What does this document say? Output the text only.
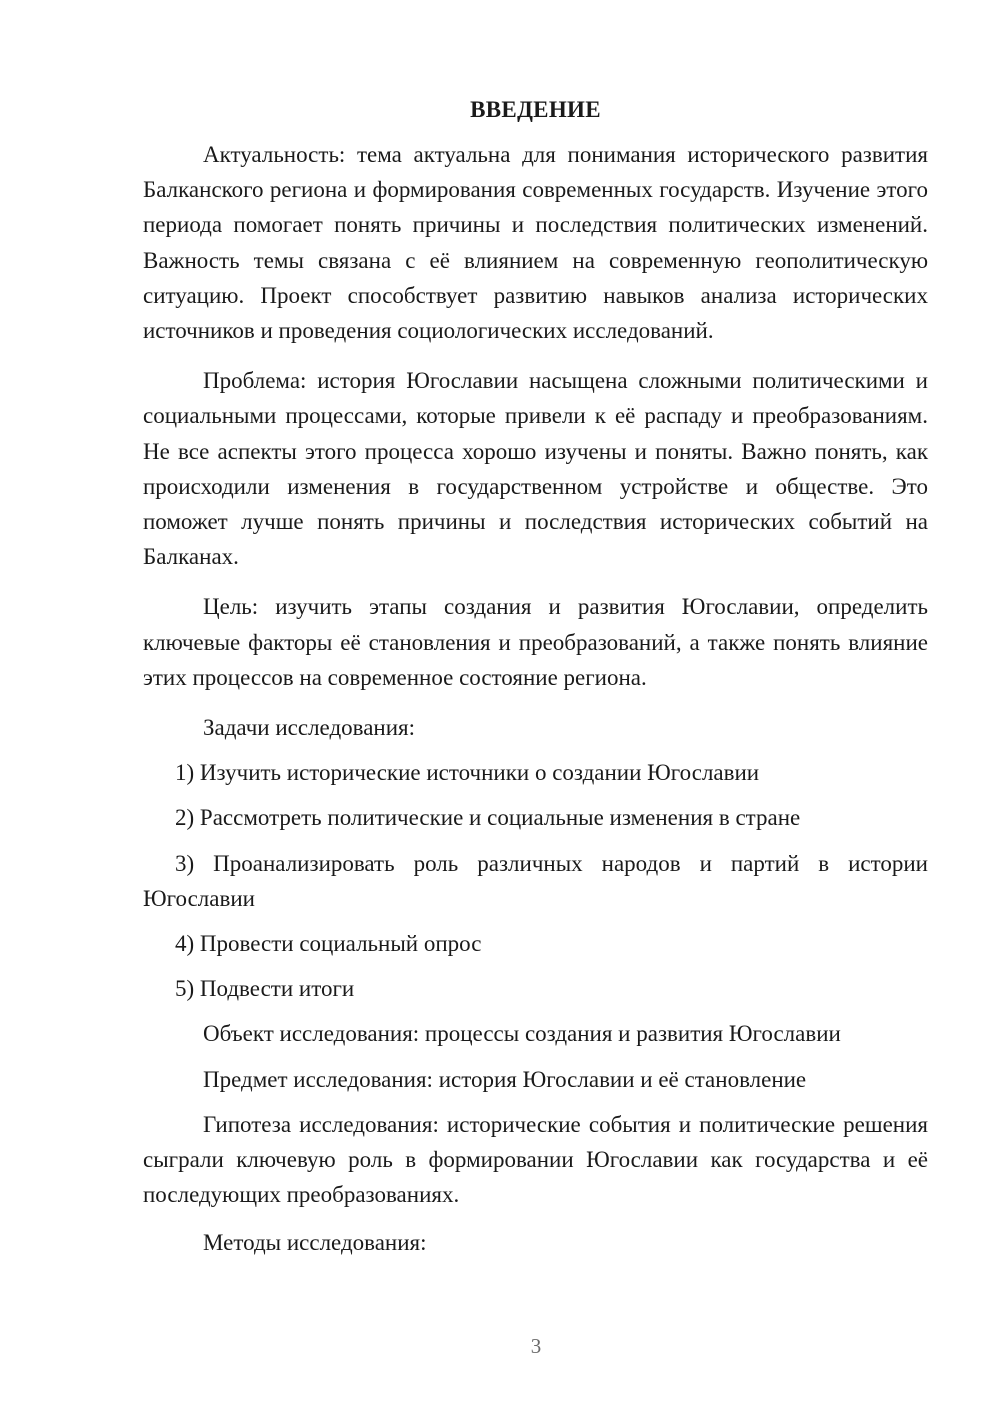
ВВЕДЕНИЕ

Актуальность: тема актуальна для понимания исторического развития Балканского региона и формирования современных государств. Изучение этого периода помогает понять причины и последствия политических изменений. Важность темы связана с её влиянием на современную геополитическую ситуацию. Проект способствует развитию навыков анализа исторических источников и проведения социологических исследований.

Проблема: история Югославии насыщена сложными политическими и социальными процессами, которые привели к её распаду и преобразованиям. Не все аспекты этого процесса хорошо изучены и поняты. Важно понять, как происходили изменения в государственном устройстве и обществе. Это поможет лучше понять причины и последствия исторических событий на Балканах.

Цель: изучить этапы создания и развития Югославии, определить ключевые факторы её становления и преобразований, а также понять влияние этих процессов на современное состояние региона.

Задачи исследования:
1) Изучить исторические источники о создании Югославии
2) Рассмотреть политические и социальные изменения в стране
3) Проанализировать роль различных народов и партий в истории Югославии
4) Провести социальный опрос
5) Подвести итоги
Объект исследования: процессы создания и развития Югославии
Предмет исследования: история Югославии и её становление

Гипотеза исследования: исторические события и политические решения сыграли ключевую роль в формировании Югославии как государства и её последующих преобразованиях.

Методы исследования:
3
